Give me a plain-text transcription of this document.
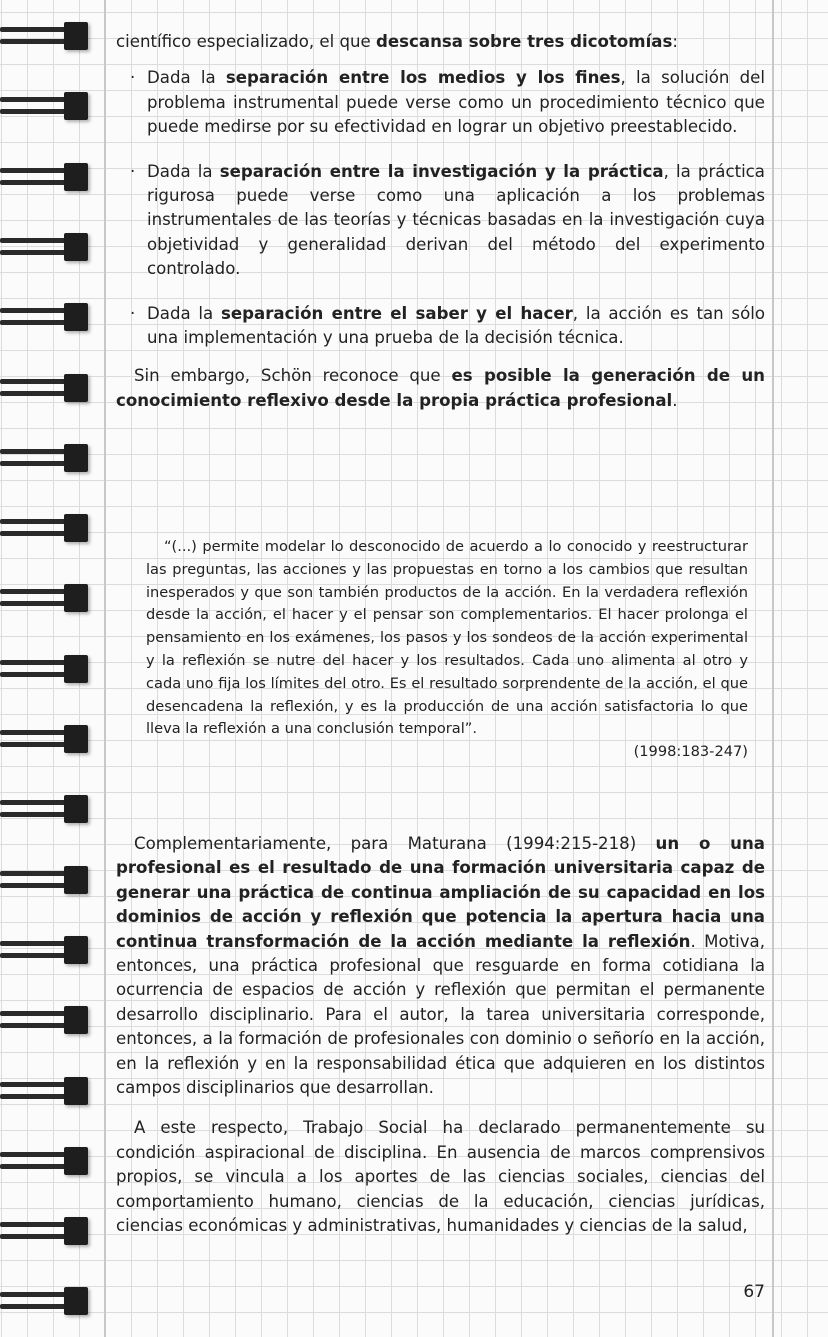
científico especializado, el que descansa sobre tres dicotomías:

· Dada la separación entre los medios y los fines, la solución del problema instrumental puede verse como un procedimiento técnico que puede medirse por su efectividad en lograr un objetivo preestablecido.

· Dada la separación entre la investigación y la práctica, la práctica rigurosa puede verse como una aplicación a los problemas instrumentales de las teorías y técnicas basadas en la investigación cuya objetividad y generalidad derivan del método del experimento controlado.

· Dada la separación entre el saber y el hacer, la acción es tan sólo una implementación y una prueba de la decisión técnica.

Sin embargo, Schön reconoce que es posible la generación de un conocimiento reflexivo desde la propia práctica profesional.

“(...) permite modelar lo desconocido de acuerdo a lo conocido y reestructurar las preguntas, las acciones y las propuestas en torno a los cambios que resultan inesperados y que son también productos de la acción. En la verdadera reflexión desde la acción, el hacer y el pensar son complementarios. El hacer prolonga el pensamiento en los exámenes, los pasos y los sondeos de la acción experimental y la reflexión se nutre del hacer y los resultados. Cada uno alimenta al otro y cada uno fija los límites del otro. Es el resultado sorprendente de la acción, el que desencadena la reflexión, y es la producción de una acción satisfactoria lo que lleva la reflexión a una conclusión temporal”.

(1998:183-247)

Complementariamente, para Maturana (1994:215-218) un o una profesional es el resultado de una formación universitaria capaz de generar una práctica de continua ampliación de su capacidad en los dominios de acción y reflexión que potencia la apertura hacia una continua transformación de la acción mediante la reflexión. Motiva, entonces, una práctica profesional que resguarde en forma cotidiana la ocurrencia de espacios de acción y reflexión que permitan el permanente desarrollo disciplinario. Para el autor, la tarea universitaria corresponde, entonces, a la formación de profesionales con dominio o señorío en la acción, en la reflexión y en la responsabilidad ética que adquieren en los distintos campos disciplinarios que desarrollan.

A este respecto, Trabajo Social ha declarado permanentemente su condición aspiracional de disciplina. En ausencia de marcos comprensivos propios, se vincula a los aportes de las ciencias sociales, ciencias del comportamiento humano, ciencias de la educación, ciencias jurídicas, ciencias económicas y administrativas, humanidades y ciencias de la salud,

67
